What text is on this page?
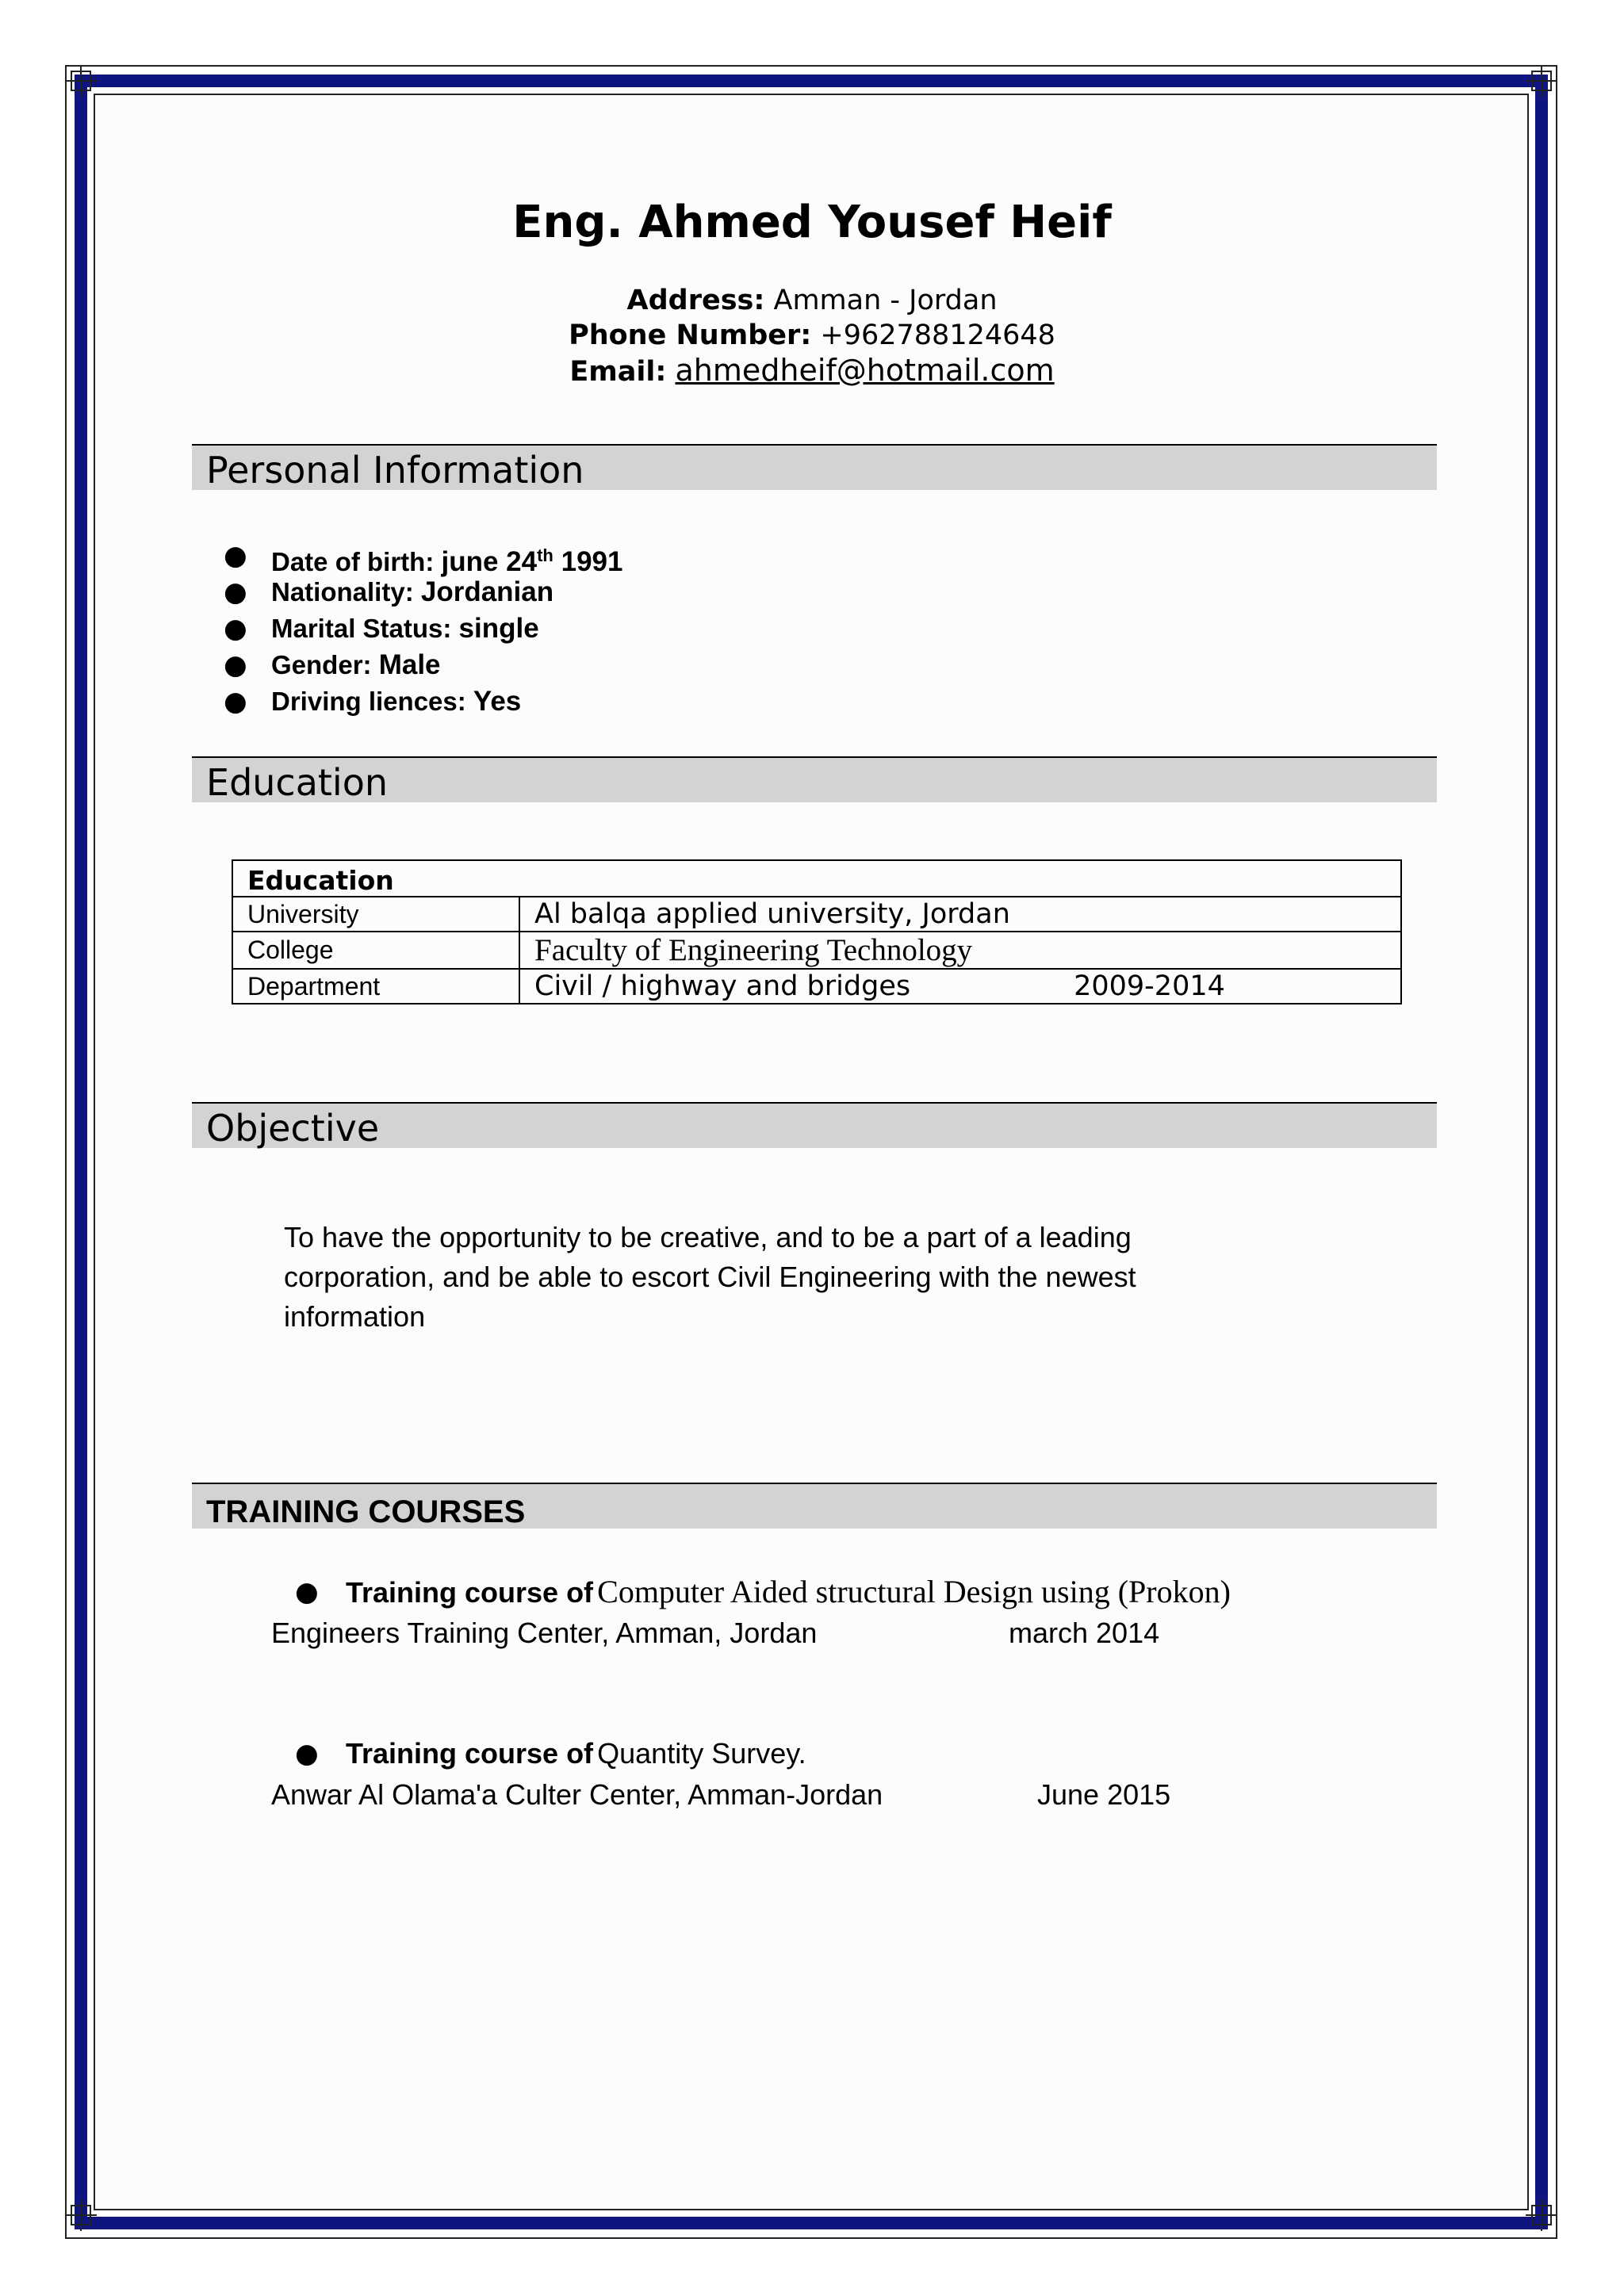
Eng. Ahmed Yousef Heif
Address: Amman - Jordan
Phone Number: +962788124648
Email: ahmedheif@hotmail.com
Personal Information
● Date of birth: june 24th 1991
● Nationality: Jordanian
● Marital Status: single
● Gender: Male
● Driving liences: Yes
Education
Education	
University	Al balqa applied university, Jordan
College	Faculty of Engineering Technology
Department	Civil / highway and bridges 2009-2014
Objective
To have the opportunity to be creative, and to be a part of a leading corporation, and be able to escort Civil Engineering with the newest information
TRAINING COURSES
● Training course of Computer Aided structural Design using (Prokon)
Engineers Training Center, Amman, Jordan	march 2014
● Training course of Quantity Survey.
Anwar Al Olama'a Culter Center, Amman-Jordan	June 2015
